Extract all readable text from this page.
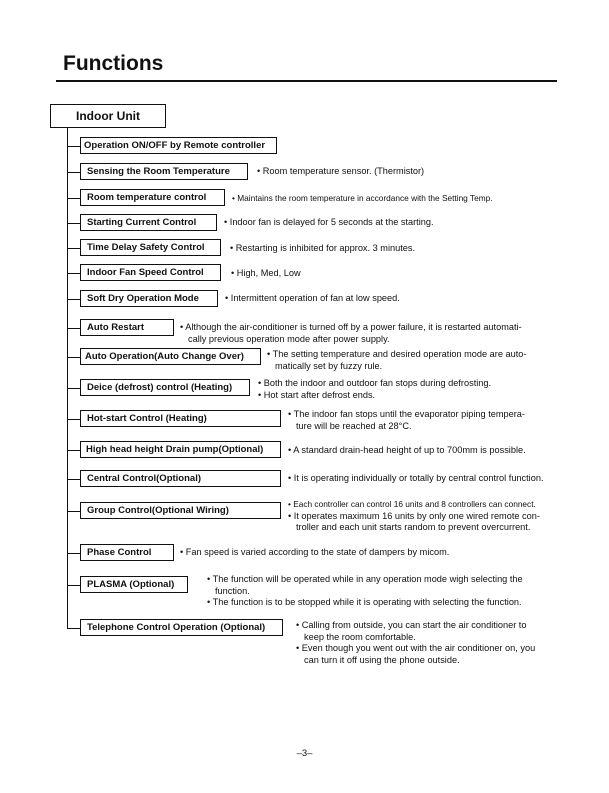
Functions
Indoor Unit
Operation ON/OFF by Remote controller
Sensing the Room Temperature	• Room temperature sensor. (Thermistor)
Room temperature control	• Maintains the room temperature in accordance with the Setting Temp.
Starting Current Control	• Indoor fan is delayed for 5 seconds at the starting.
Time Delay Safety Control	• Restarting is inhibited for approx. 3 minutes.
Indoor Fan Speed Control	• High, Med, Low
Soft Dry Operation Mode	• Intermittent operation of fan at low speed.
Auto Restart	• Although the air-conditioner is turned off by a power failure, it is restarted automati-
cally previous operation mode after power supply.
Auto Operation(Auto Change Over)	• The setting temperature and desired operation mode are auto-
matically set by fuzzy rule.
Deice (defrost) control (Heating)	• Both the indoor and outdoor fan stops during defrosting.
• Hot start after defrost ends.
Hot-start Control (Heating)	• The indoor fan stops until the evaporator piping tempera-
ture will be reached at 28°C.
High head height Drain pump(Optional)	• A standard drain-head height of up to 700mm is possible.
Central Control(Optional)	• It is operating individually or totally by central control function.
Group Control(Optional Wiring)
• Each controller can control 16 units and 8 controllers can connect.
• It operates maximum 16 units by only one wired remote con-
troller and each unit starts random to prevent overcurrent.
Phase Control	• Fan speed is varied according to the state of dampers by micom.
PLASMA (Optional)	• The function will be operated while in any operation mode wigh selecting the
function.
• The function is to be stopped while it is operating with selecting the function.
Telephone Control Operation (Optional)	• Calling from outside, you can start the air conditioner to
keep the room comfortable.
• Even though you went out with the air conditioner on, you
can turn it off using the phone outside.
–3–
